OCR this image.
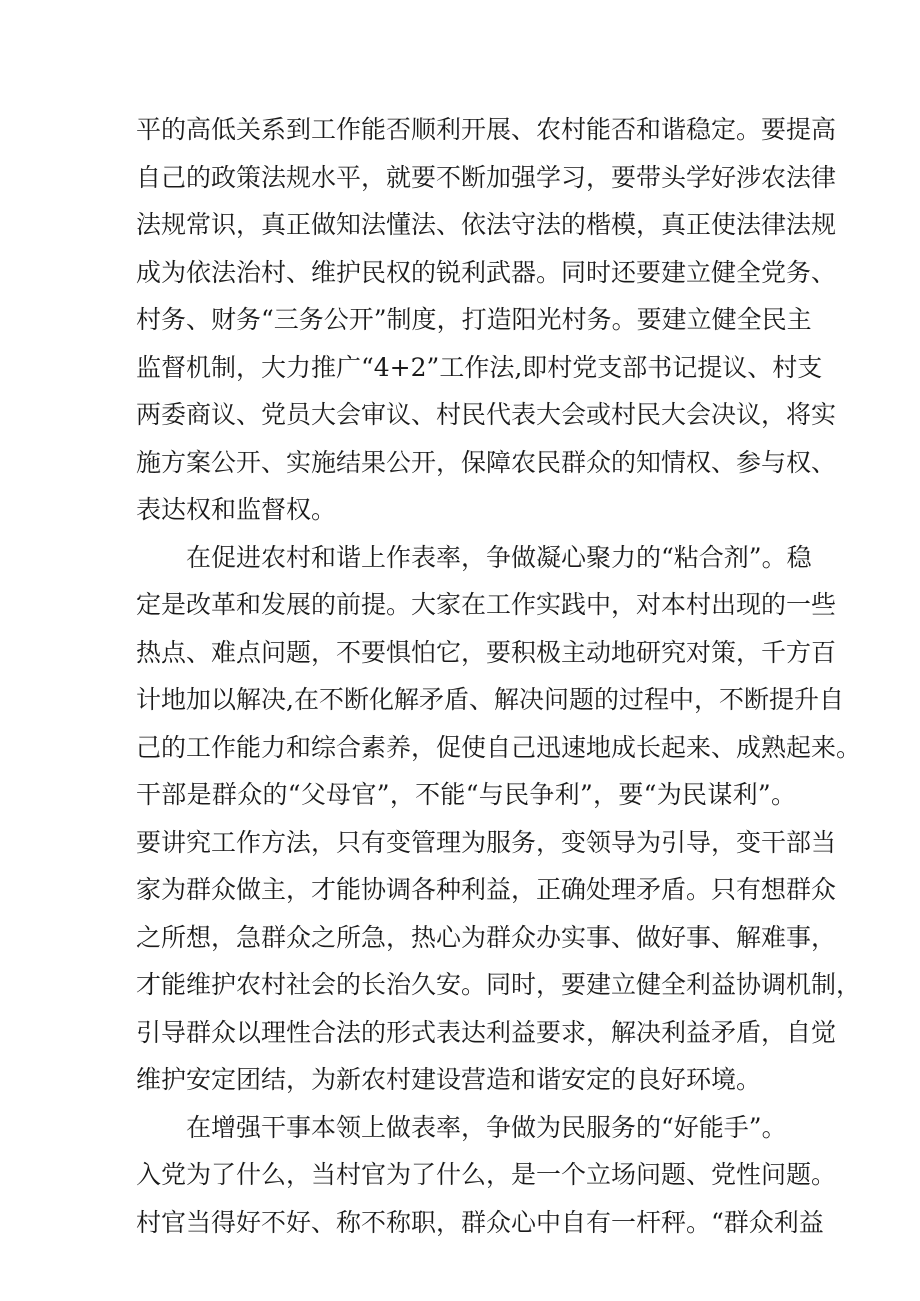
平的高低关系到工作能否顺利开展、农村能否和谐稳定。要提高
自己的政策法规水平，就要不断加强学习，要带头学好涉农法律
法规常识，真正做知法懂法、依法守法的楷模，真正使法律法规
成为依法治村、维护民权的锐利武器。同时还要建立健全党务、
村务、财务“三务公开”制度，打造阳光村务。要建立健全民主
监督机制，大力推广“4+2”工作法,即村党支部书记提议、村支
两委商议、党员大会审议、村民代表大会或村民大会决议，将实
施方案公开、实施结果公开，保障农民群众的知情权、参与权、
表达权和监督权。
在促进农村和谐上作表率，争做凝心聚力的“粘合剂”。稳
定是改革和发展的前提。大家在工作实践中，对本村出现的一些
热点、难点问题，不要惧怕它，要积极主动地研究对策，千方百
计地加以解决,在不断化解矛盾、解决问题的过程中，不断提升自
己的工作能力和综合素养，促使自己迅速地成长起来、成熟起来。
干部是群众的“父母官”，不能“与民争利”，要“为民谋利”。
要讲究工作方法，只有变管理为服务，变领导为引导，变干部当
家为群众做主，才能协调各种利益，正确处理矛盾。只有想群众
之所想，急群众之所急，热心为群众办实事、做好事、解难事，
才能维护农村社会的长治久安。同时，要建立健全利益协调机制，
引导群众以理性合法的形式表达利益要求，解决利益矛盾，自觉
维护安定团结，为新农村建设营造和谐安定的良好环境。
在增强干事本领上做表率，争做为民服务的“好能手”。
入党为了什么，当村官为了什么，是一个立场问题、党性问题。
村官当得好不好、称不称职，群众心中自有一杆秤。“群众利益
